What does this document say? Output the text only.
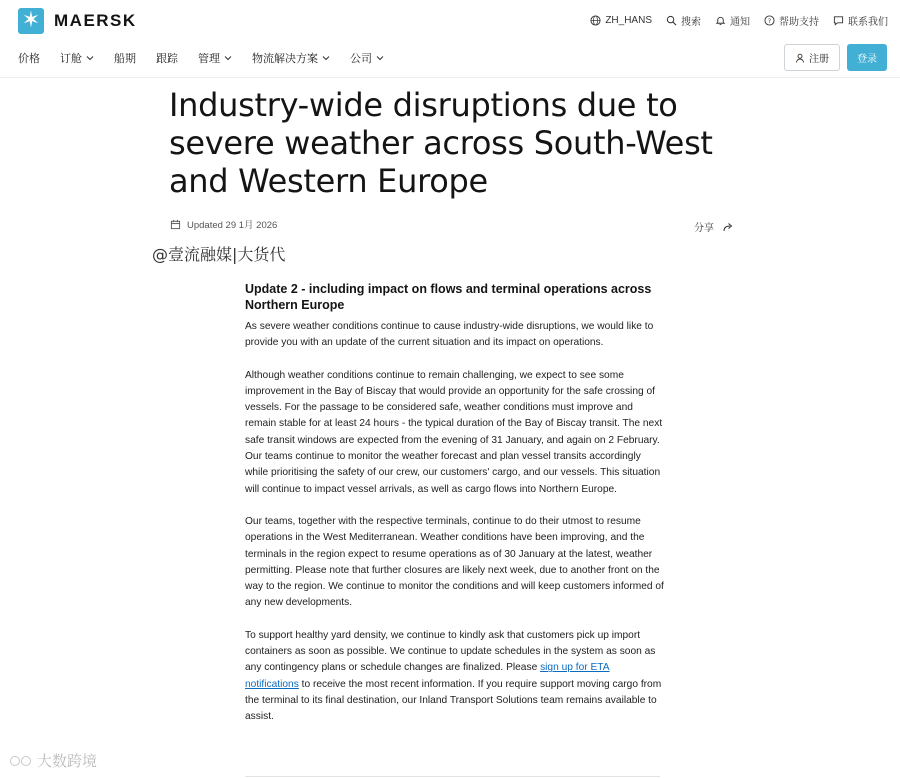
✶ MAERSK	ZH_HANS	搜索	通知	? 帮助支持	联系我们
价格 订舱	船期 跟踪 管理	物流解决方案	公司	注册	登录
Industry-wide disruptions due to severe weather across South-West and Western Europe
Updated 29 1月 2026	分享
@壹流融媒|大货代
Update 2 - including impact on flows and terminal operations across Northern Europe

As severe weather conditions continue to cause industry-wide disruptions, we would like to provide you with an update of the current situation and its impact on operations.

Although weather conditions continue to remain challenging, we expect to see some improvement in the Bay of Biscay that would provide an opportunity for the safe crossing of vessels. For the passage to be considered safe, weather conditions must improve and remain stable for at least 24 hours - the typical duration of the Bay of Biscay transit. The next safe transit windows are expected from the evening of 31 January, and again on 2 February. Our teams continue to monitor the weather forecast and plan vessel transits accordingly while prioritising the safety of our crew, our customers' cargo, and our vessels. This situation will continue to impact vessel arrivals, as well as cargo flows into Northern Europe.

Our teams, together with the respective terminals, continue to do their utmost to resume operations in the West Mediterranean. Weather conditions have been improving, and the terminals in the region expect to resume operations as of 30 January at the latest, weather permitting. Please note that further closures are likely next week, due to another front on the way to the region. We continue to monitor the conditions and will keep customers informed of any new developments.

To support healthy yard density, we continue to kindly ask that customers pick up import containers as soon as possible. We continue to update schedules in the system as soon as any contingency plans or schedule changes are finalized. Please sign up for ETA notifications to receive the most recent information. If you require support moving cargo from the terminal to its final destination, our Inland Transport Solutions team remains available to assist.

大数跨境
